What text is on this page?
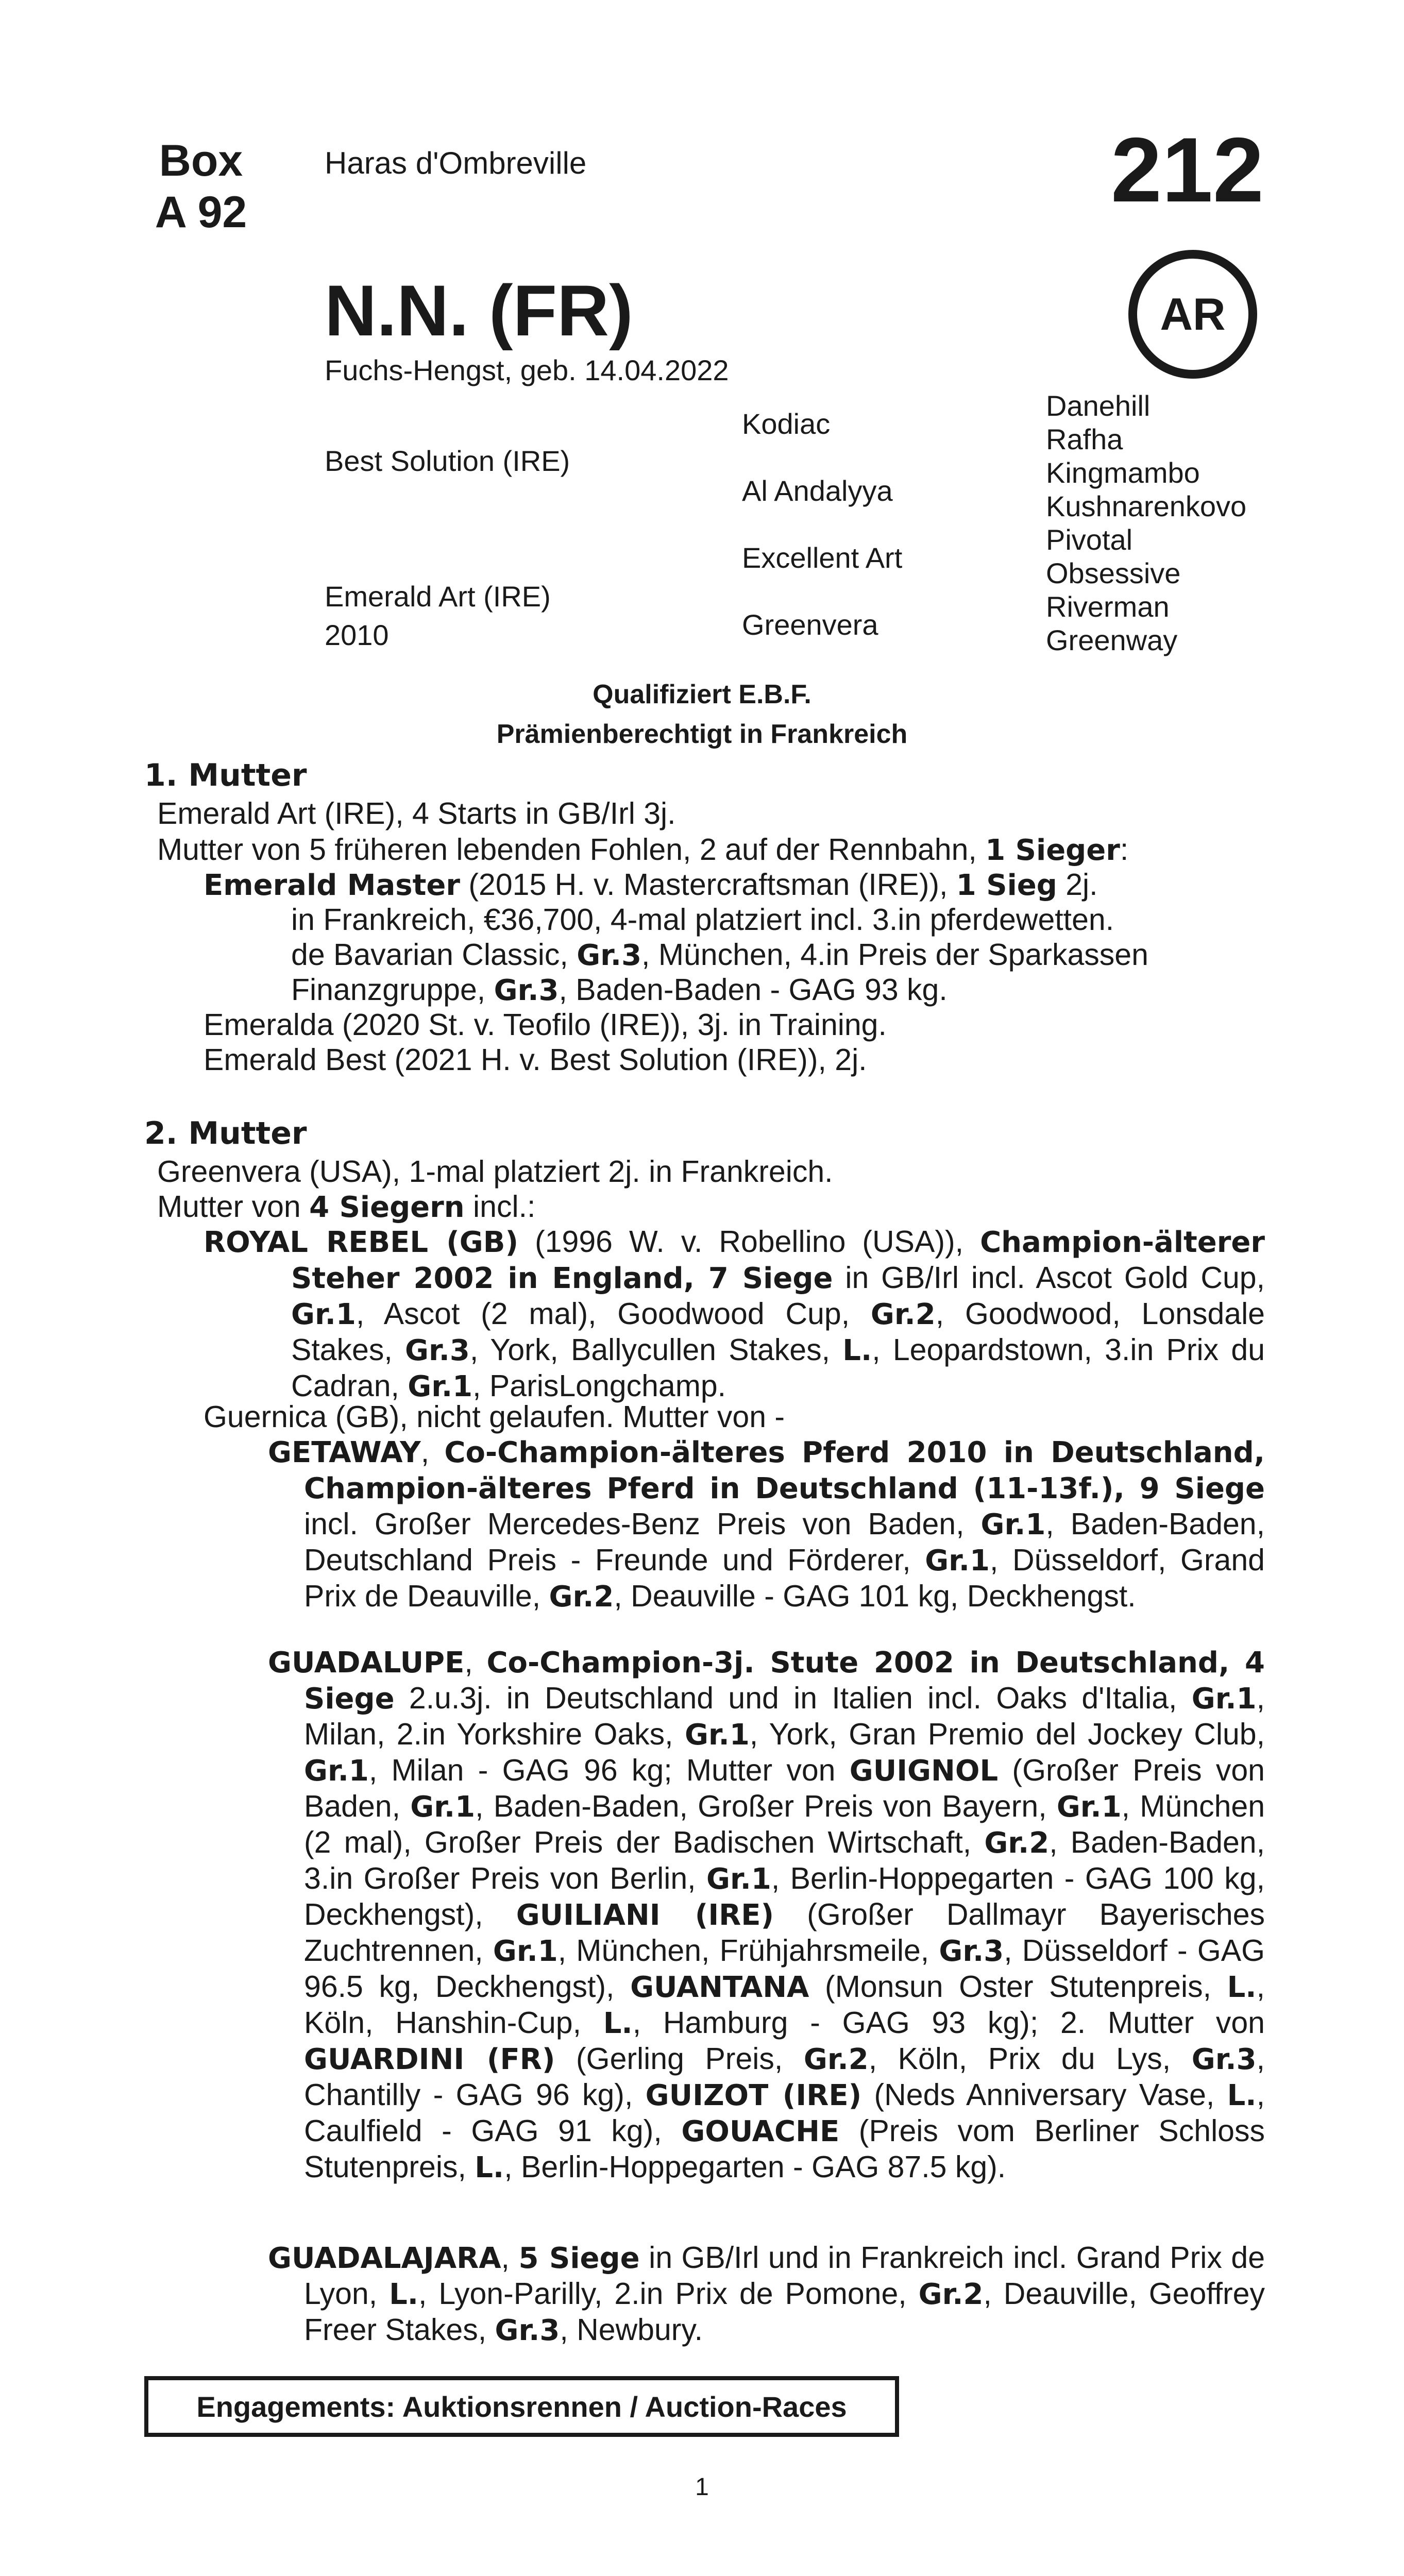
Box
A 92
Haras d'Ombreville	212
AR
N.N. (FR)
Fuchs-Hengst, geb. 14.04.2022
Best Solution (IRE)
Emerald Art (IRE)
2010
Kodiac
Al Andalyya
Excellent Art
Greenvera
Danehill
Rafha
Kingmambo
Kushnarenkovo
Pivotal
Obsessive
Riverman
Greenway
Qualifiziert E.B.F.
Prämienberechtigt in Frankreich
1. Mutter
Emerald Art (IRE), 4 Starts in GB/Irl 3j.
Mutter von 5 früheren lebenden Fohlen, 2 auf der Rennbahn, 1 Sieger:
Emerald Master (2015 H. v. Mastercraftsman (IRE)), 1 Sieg 2j.
in Frankreich, €36,700, 4-mal platziert incl. 3.in pferdewetten.
de Bavarian Classic, Gr.3, München, 4.in Preis der Sparkassen
Finanzgruppe, Gr.3, Baden-Baden - GAG 93 kg.
Emeralda (2020 St. v. Teofilo (IRE)), 3j. in Training.
Emerald Best (2021 H. v. Best Solution (IRE)), 2j.
2. Mutter
Greenvera (USA), 1-mal platziert 2j. in Frankreich.
Mutter von 4 Siegern incl.:
ROYAL REBEL (GB) (1996 W. v. Robellino (USA)), Champion-älterer Steher 2002 in England, 7 Siege in GB/Irl incl. Ascot Gold Cup, Gr.1, Ascot (2 mal), Goodwood Cup, Gr.2, Goodwood, Lonsdale Stakes, Gr.3, York, Ballycullen Stakes, L., Leopardstown, 3.in Prix du Cadran, Gr.1, ParisLongchamp.
Guernica (GB), nicht gelaufen. Mutter von -
GETAWAY, Co-Champion-älteres Pferd 2010 in Deutschland, Champion-älteres Pferd in Deutschland (11-13f.), 9 Siege incl. Großer Mercedes-Benz Preis von Baden, Gr.1, Baden-Baden, Deutschland Preis - Freunde und Förderer, Gr.1, Düsseldorf, Grand Prix de Deauville, Gr.2, Deauville - GAG 101 kg, Deckhengst.
GUADALUPE, Co-Champion-3j. Stute 2002 in Deutschland, 4 Siege 2.u.3j. in Deutschland und in Italien incl. Oaks d'Italia, Gr.1, Milan, 2.in Yorkshire Oaks, Gr.1, York, Gran Premio del Jockey Club, Gr.1, Milan - GAG 96 kg; Mutter von GUIGNOL (Großer Preis von Baden, Gr.1, Baden-Baden, Großer Preis von Bayern, Gr.1, München (2 mal), Großer Preis der Badischen Wirtschaft, Gr.2, Baden-Baden, 3.in Großer Preis von Berlin, Gr.1, Berlin-Hoppegarten - GAG 100 kg, Deckhengst), GUILIANI (IRE) (Großer Dallmayr Bayerisches Zuchtrennen, Gr.1, München, Frühjahrsmeile, Gr.3, Düsseldorf - GAG 96.5 kg, Deckhengst), GUANTANA (Monsun Oster Stutenpreis, L., Köln, Hanshin-Cup, L., Hamburg - GAG 93 kg); 2. Mutter von GUARDINI (FR) (Gerling Preis, Gr.2, Köln, Prix du Lys, Gr.3, Chantilly - GAG 96 kg), GUIZOT (IRE) (Neds Anniversary Vase, L., Caulfield - GAG 91 kg), GOUACHE (Preis vom Berliner Schloss Stutenpreis, L., Berlin-Hoppegarten - GAG 87.5 kg).
GUADALAJARA, 5 Siege in GB/Irl und in Frankreich incl. Grand Prix de Lyon, L., Lyon-Parilly, 2.in Prix de Pomone, Gr.2, Deauville, Geoffrey Freer Stakes, Gr.3, Newbury.
Engagements: Auktionsrennen / Auction-Races
1
